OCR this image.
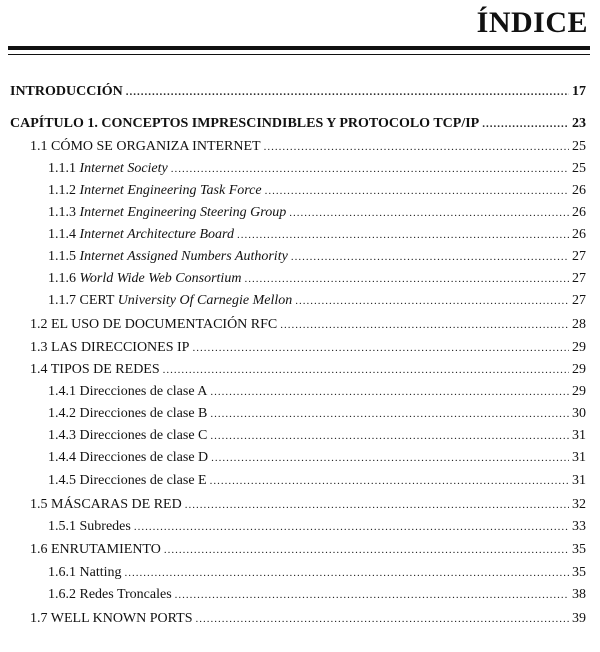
ÍNDICE
INTRODUCCIÓN .....	17
CAPÍTULO 1. CONCEPTOS IMPRESCINDIBLES Y PROTOCOLO TCP/IP .....	23
1.1 CÓMO SE ORGANIZA INTERNET .....	25
1.1.1 Internet Society .....	25
1.1.2 Internet Engineering Task Force .....	26
1.1.3 Internet Engineering Steering Group .....	26
1.1.4 Internet Architecture Board .....	26
1.1.5 Internet Assigned Numbers Authority .....	27
1.1.6 World Wide Web Consortium .....	27
1.1.7 CERT University Of Carnegie Mellon .....	27
1.2 EL USO DE DOCUMENTACIÓN RFC .....	28
1.3 LAS DIRECCIONES IP .....	29
1.4 TIPOS DE REDES .....	29
1.4.1 Direcciones de clase A .....	29
1.4.2 Direcciones de clase B .....	30
1.4.3 Direcciones de clase C .....	31
1.4.4 Direcciones de clase D .....	31
1.4.5 Direcciones de clase E .....	31
1.5 MÁSCARAS DE RED .....	32
1.5.1 Subredes .....	33
1.6 ENRUTAMIENTO .....	35
1.6.1 Natting .....	35
1.6.2 Redes Troncales .....	38
1.7 WELL KNOWN PORTS .....	39
